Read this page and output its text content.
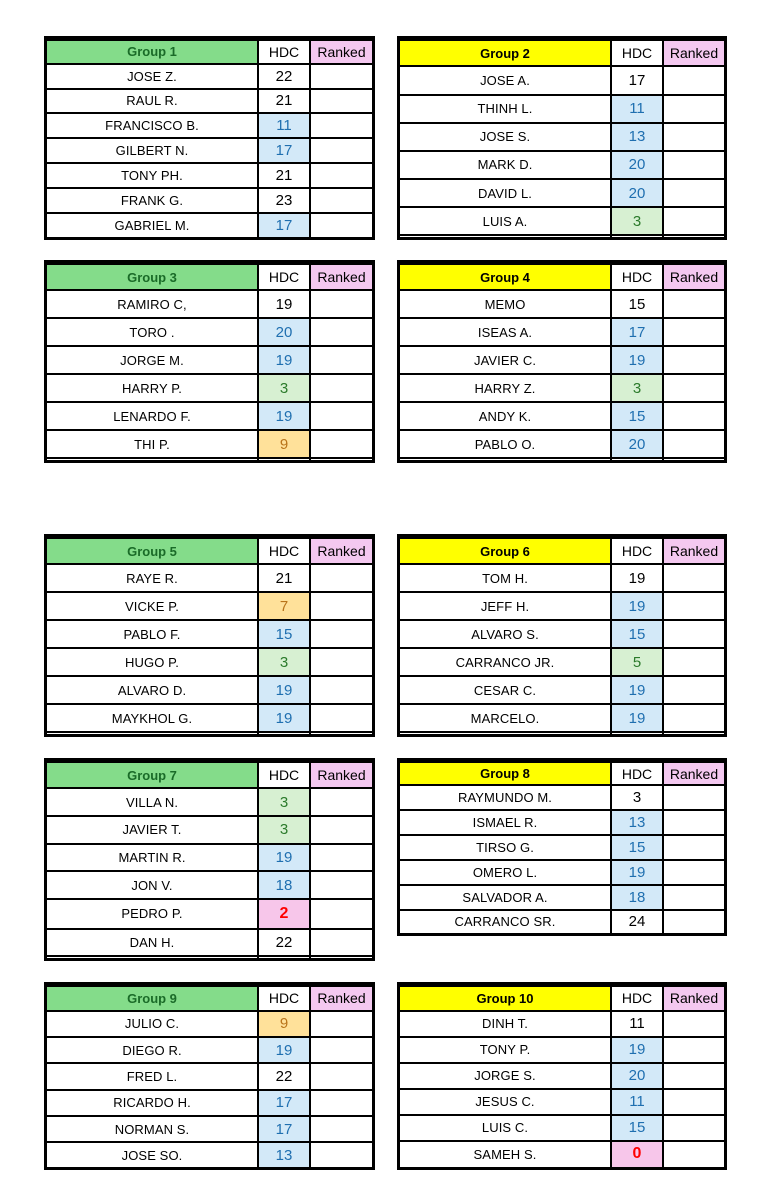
Group 1	HDC	Ranked
JOSE Z.	22	
RAUL R.	21	
FRANCISCO B.	11	
GILBERT N.	17	
TONY PH.	21	
FRANK G.	23	
GABRIEL M.	17	
Group 2	HDC	Ranked
JOSE A.	17	
THINH L.	11	
JOSE S.	13	
MARK D.	20	
DAVID L.	20	
LUIS A.	3	

Group 3	HDC	Ranked
RAMIRO C,	19	
TORO .	20	
JORGE M.	19	
HARRY P.	3	
LENARDO F.	19	
THI P.	9	

Group 4	HDC	Ranked
MEMO	15	
ISEAS A.	17	
JAVIER C.	19	
HARRY Z.	3	
ANDY K.	15	
PABLO O.	20	

Group 5	HDC	Ranked
RAYE R.	21	
VICKE P.	7	
PABLO F.	15	
HUGO P.	3	
ALVARO D.	19	
MAYKHOL G.	19	

Group 6	HDC	Ranked
TOM H.	19	
JEFF H.	19	
ALVARO S.	15	
CARRANCO JR.	5	
CESAR C.	19	
MARCELO.	19	

Group 7	HDC	Ranked
VILLA N.	3	
JAVIER T.	3	
MARTIN R.	19	
JON V.	18	
PEDRO P.	2	
DAN H.	22	

Group 8	HDC	Ranked
RAYMUNDO M.	3	
ISMAEL R.	13	
TIRSO G.	15	
OMERO L.	19	
SALVADOR A.	18	
CARRANCO SR.	24	
Group 9	HDC	Ranked
JULIO C.	9	
DIEGO R.	19	
FRED L.	22	
RICARDO H.	17	
NORMAN S.	17	
JOSE SO.	13	
Group 10	HDC	Ranked
DINH T.	11	
TONY P.	19	
JORGE S.	20	
JESUS C.	11	
LUIS C.	15	
SAMEH S.	0	
